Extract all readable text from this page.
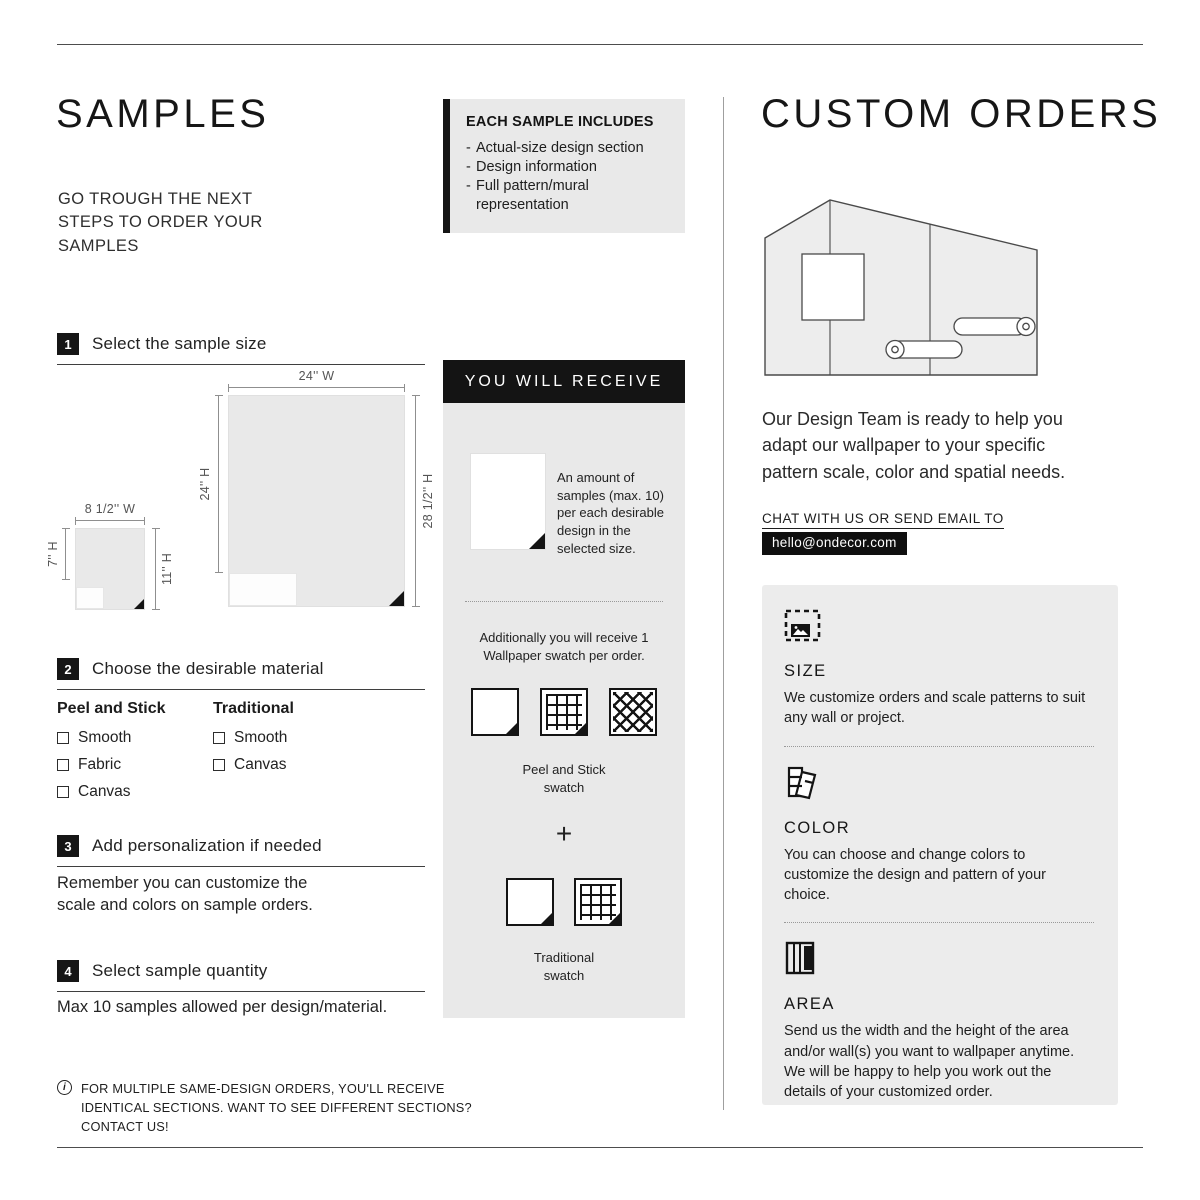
SAMPLES
GO TROUGH THE NEXT STEPS TO ORDER YOUR SAMPLES
1	Select the sample size
24'' W
24'' H	28 1/2'' H
8 1/2'' W
7'' H	11'' H
2	Choose the desirable material
Peel and Stick
Smooth
Fabric
Canvas
Traditional
Smooth
Canvas
3	Add personalization if needed
Remember you can customize the scale and colors on sample orders.
4	Select sample quantity
Max 10 samples allowed per design/material.
i	FOR MULTIPLE SAME-DESIGN ORDERS, YOU'LL RECEIVE IDENTICAL SECTIONS. WANT TO SEE DIFFERENT SECTIONS? CONTACT US!
EACH SAMPLE INCLUDES
- Actual-size design section
- Design information
- Full pattern/mural representation
YOU WILL RECEIVE
An amount of samples (max. 10) per each desirable design in the selected size.
Additionally you will receive 1 Wallpaper swatch per order.
Peel and Stick swatch
+
Traditional swatch
CUSTOM ORDERS
Our Design Team is ready to help you adapt our wallpaper to your specific pattern scale, color and spatial needs.
CHAT WITH US OR SEND EMAIL TO
hello@ondecor.com
SIZE
We customize orders and scale patterns to suit any wall or project.
COLOR
You can choose and change colors to customize the design and pattern of your choice.
AREA
Send us the width and the height of the area and/or wall(s) you want to wallpaper anytime. We will be happy to help you work out the details of your customized order.
